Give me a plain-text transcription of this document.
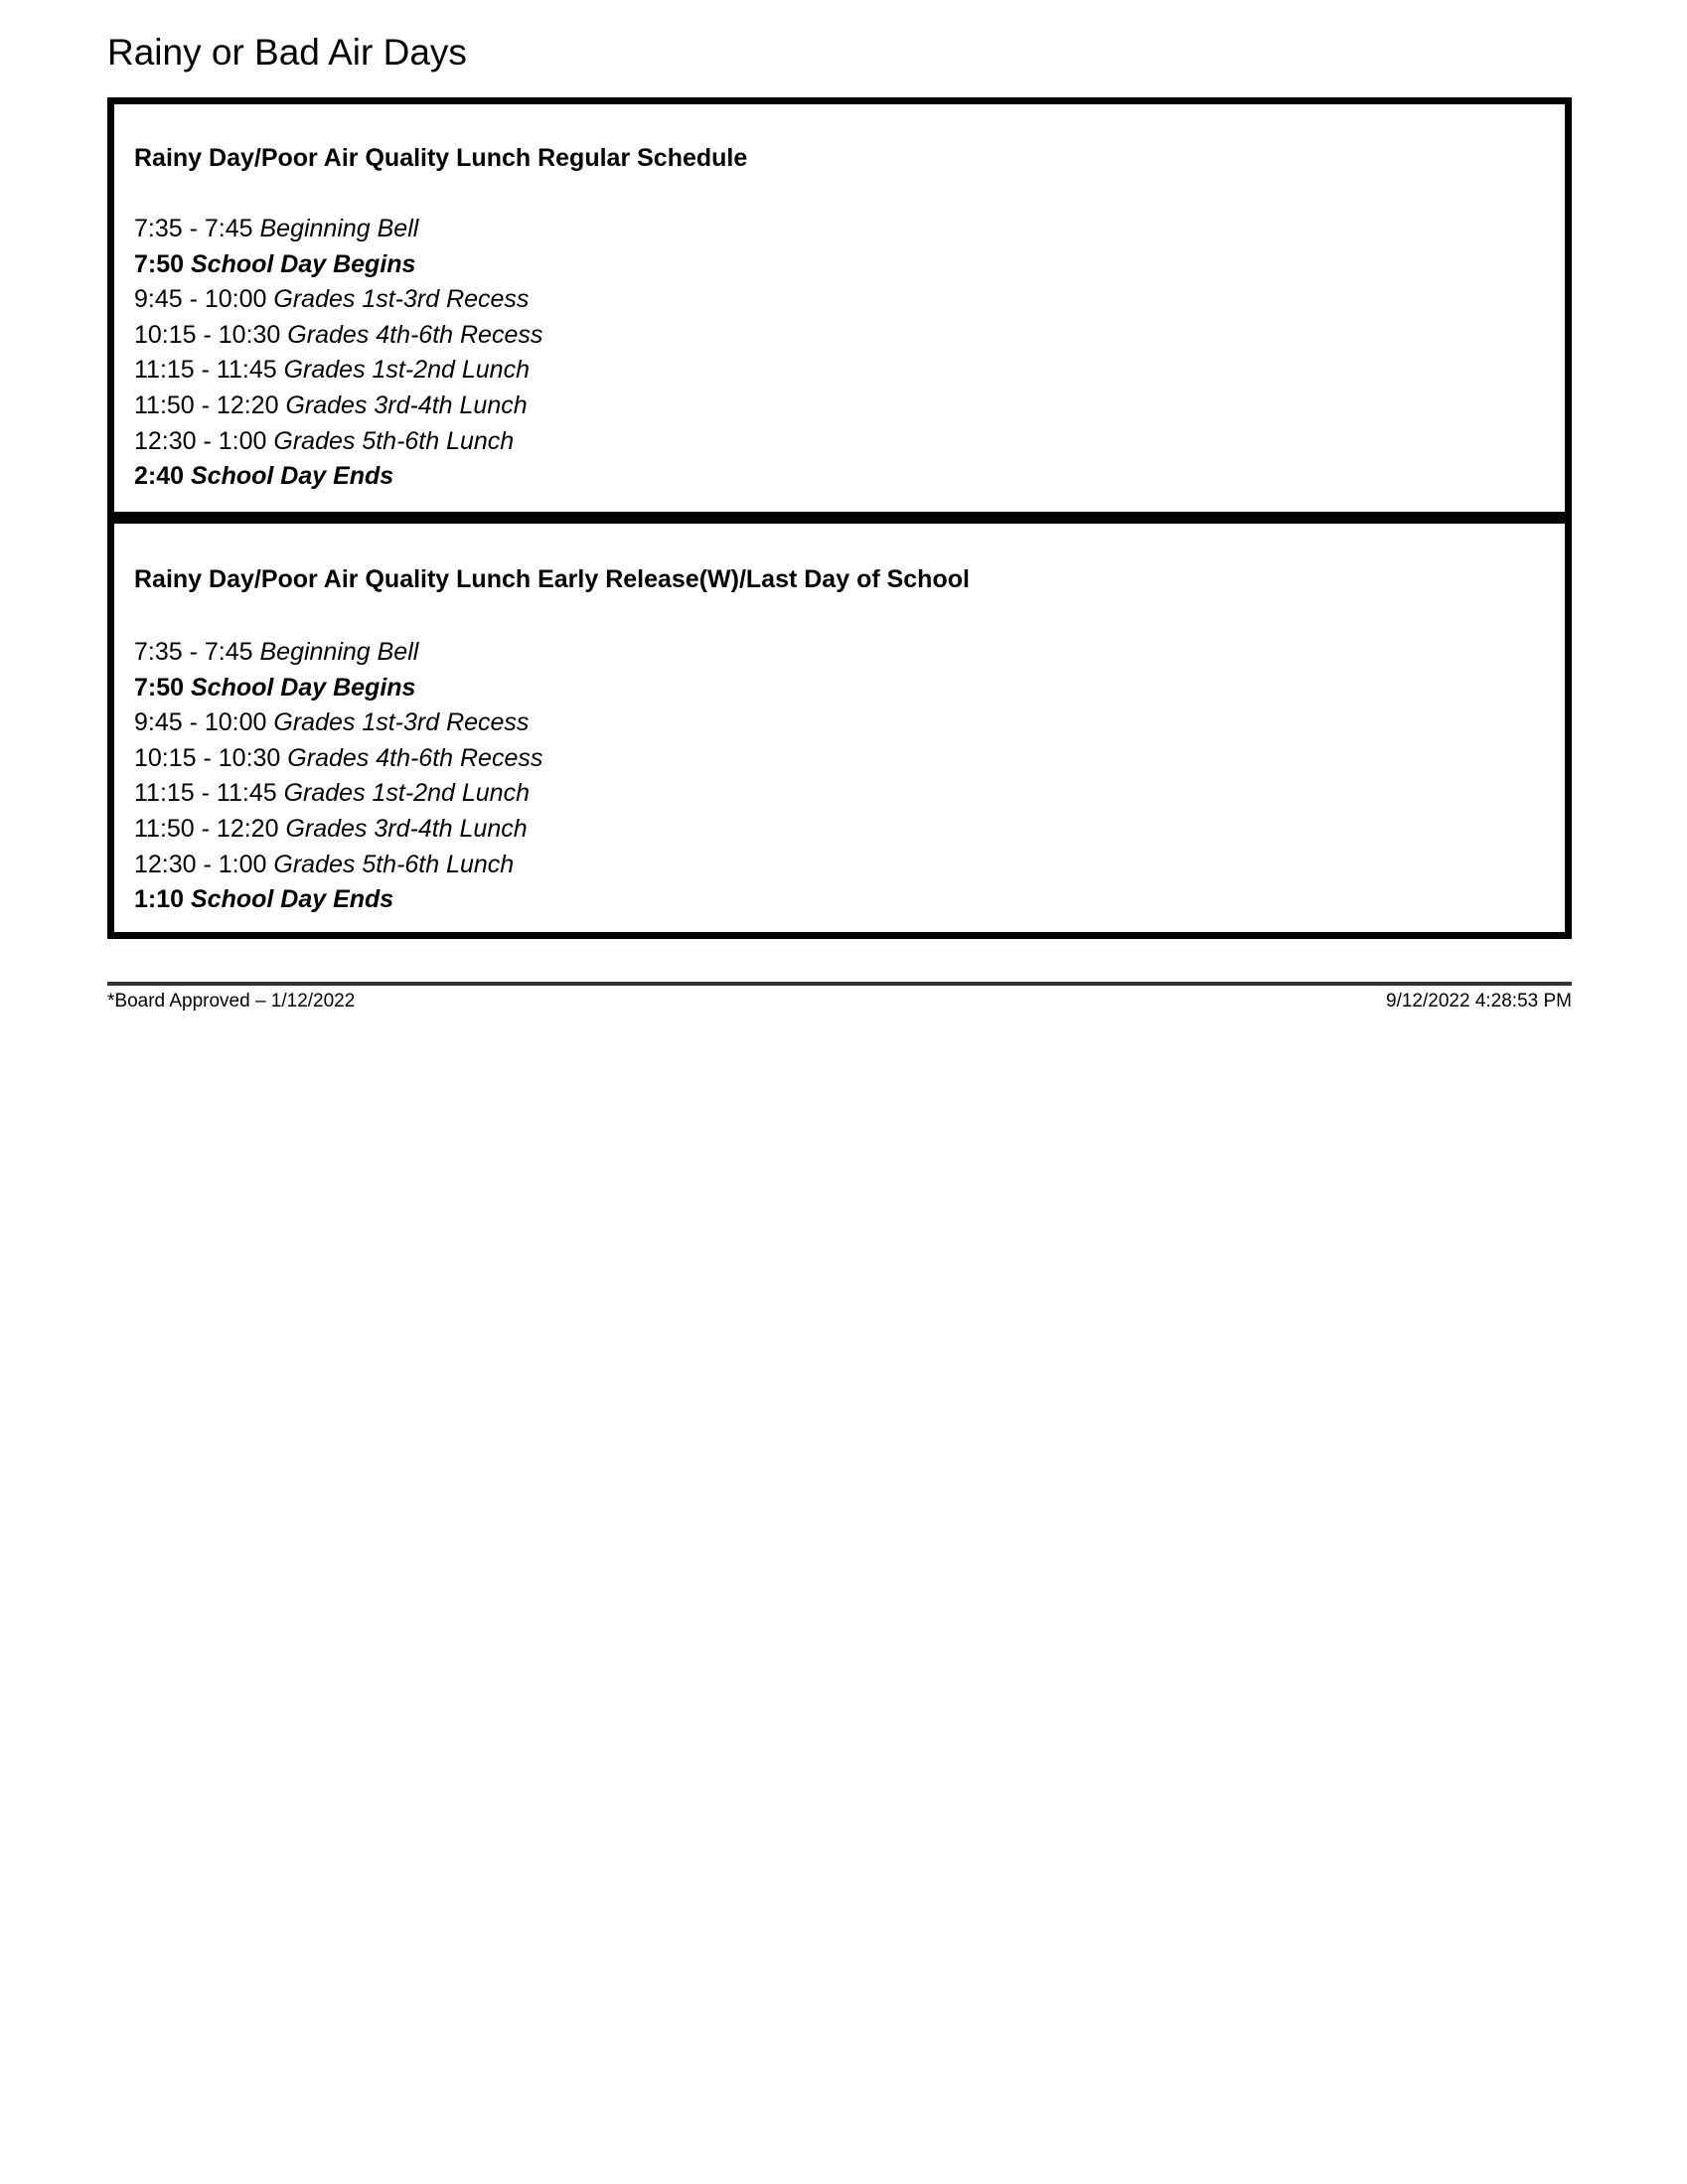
Rainy or Bad Air Days
Rainy Day/Poor Air Quality Lunch Regular Schedule
7:35 - 7:45 Beginning Bell
7:50 School Day Begins
9:45 - 10:00 Grades 1st-3rd Recess
10:15 - 10:30 Grades 4th-6th Recess
11:15 - 11:45 Grades 1st-2nd Lunch
11:50 - 12:20 Grades 3rd-4th Lunch
12:30 - 1:00 Grades 5th-6th Lunch
2:40 School Day Ends
Rainy Day/Poor Air Quality Lunch Early Release(W)/Last Day of School
7:35 - 7:45 Beginning Bell
7:50 School Day Begins
9:45 - 10:00 Grades 1st-3rd Recess
10:15 - 10:30 Grades 4th-6th Recess
11:15 - 11:45 Grades 1st-2nd Lunch
11:50 - 12:20 Grades 3rd-4th Lunch
12:30 - 1:00 Grades 5th-6th Lunch
1:10 School Day Ends
*Board Approved – 1/12/2022	9/12/2022 4:28:53 PM
